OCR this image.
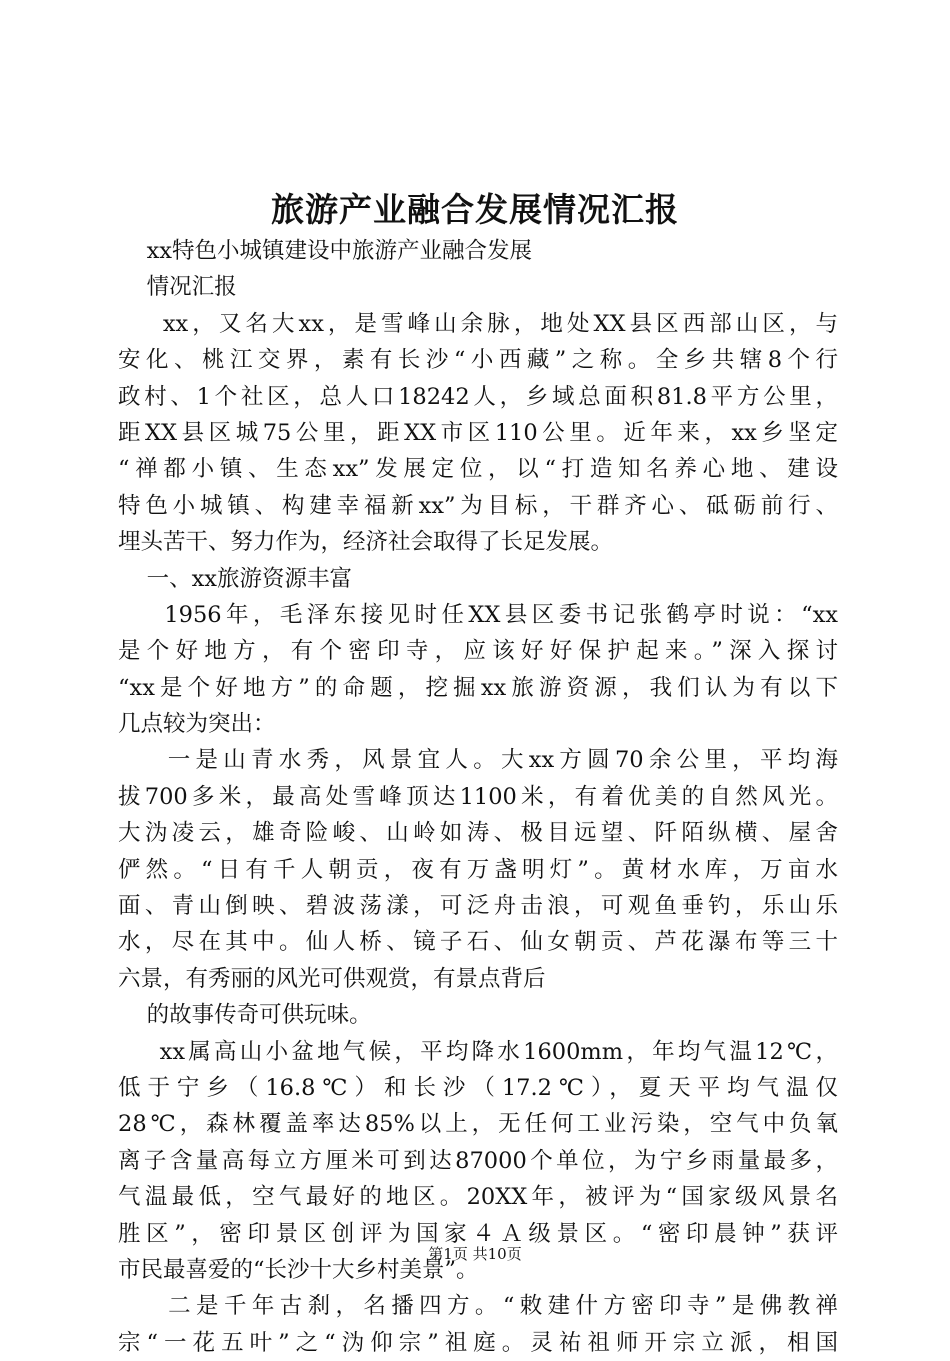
旅游产业融合发展情况汇报
xx特色小城镇建设中旅游产业融合发展
情况汇报
xx，又名大xx，是雪峰山余脉，地处XX县区西部山区，与
安化、桃江交界，素有长沙“小西藏”之称。全乡共辖8个行
政村、1个社区，总人口18242人，乡域总面积81.8平方公里，
距XX县区城75公里，距XX市区110公里。近年来，xx乡坚定
“禅都小镇、生态xx”发展定位，以“打造知名养心地、建设
特色小城镇、构建幸福新xx”为目标，干群齐心、砥砺前行、
埋头苦干、努力作为，经济社会取得了长足发展。
一、xx旅游资源丰富
1956年，毛泽东接见时任XX县区委书记张鹤亭时说：“xx
是个好地方，有个密印寺，应该好好保护起来。”深入探讨
“xx是个好地方”的命题，挖掘xx旅游资源，我们认为有以下
几点较为突出：
一是山青水秀，风景宜人。大xx方圆70余公里，平均海
拔700多米，最高处雪峰顶达1100米，有着优美的自然风光。
大沩凌云，雄奇险峻、山岭如涛、极目远望、阡陌纵横、屋舍
俨然。“日有千人朝贡，夜有万盏明灯”。黄材水库，万亩水
面、青山倒映、碧波荡漾，可泛舟击浪，可观鱼垂钓，乐山乐
水，尽在其中。仙人桥、镜子石、仙女朝贡、芦花瀑布等三十
六景，有秀丽的风光可供观赏，有景点背后
的故事传奇可供玩味。
xx属高山小盆地气候，平均降水1600mm，年均气温12℃，
低于宁乡（16.8℃）和长沙（17.2℃），夏天平均气温仅
28℃，森林覆盖率达85%以上，无任何工业污染，空气中负氧
离子含量高每立方厘米可到达87000个单位，为宁乡雨量最多，
气温最低，空气最好的地区。20XX年，被评为“国家级风景名
胜区”，密印景区创评为国家４Ａ级景区。“密印晨钟”获评
市民最喜爱的“长沙十大乡村美景”。
二是千年古刹，名播四方。“敕建什方密印寺”是佛教禅
宗“一花五叶”之“沩仰宗”祖庭。灵祐祖师开宗立派，相国
第1页 共10页
